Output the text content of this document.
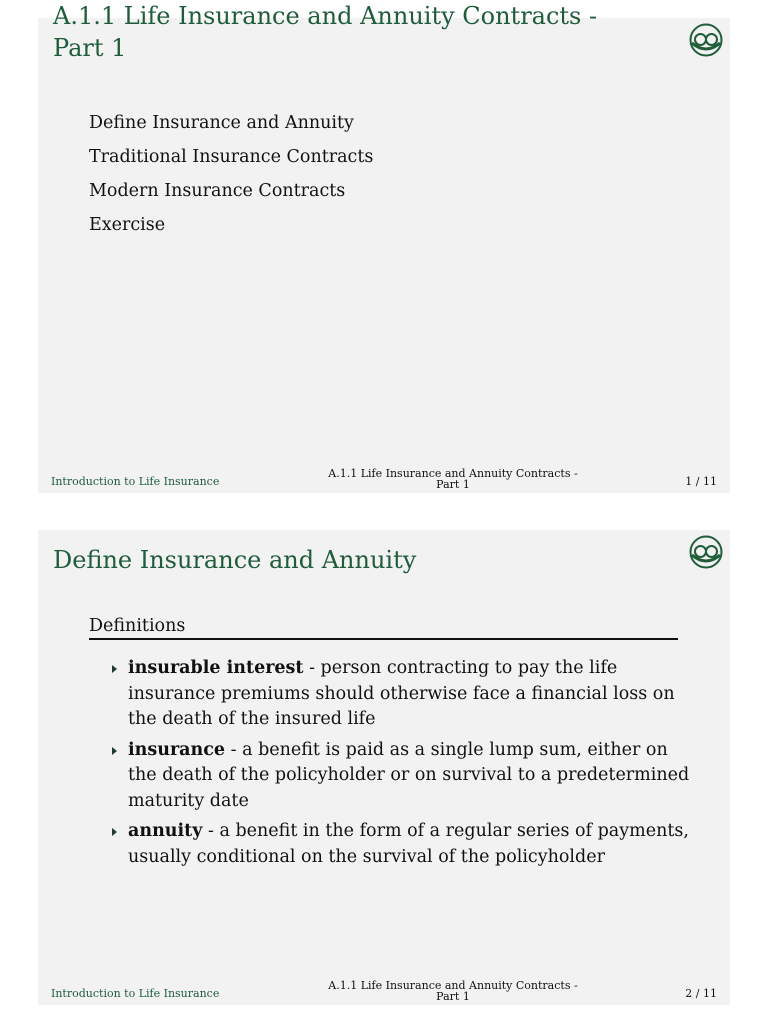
A.1.1 Life Insurance and Annuity Contracts - Part 1
Define Insurance and Annuity
Traditional Insurance Contracts
Modern Insurance Contracts
Exercise
Introduction to Life Insurance
A.1.1 Life Insurance and Annuity Contracts -
Part 1	1 / 11
Define Insurance and Annuity
Definitions
insurable interest - person contracting to pay the life insurance premiums should otherwise face a financial loss on the death of the insured life
insurance - a benefit is paid as a single lump sum, either on the death of the policyholder or on survival to a predetermined maturity date
annuity - a benefit in the form of a regular series of payments, usually conditional on the survival of the policyholder
Introduction to Life Insurance
A.1.1 Life Insurance and Annuity Contracts -
Part 1	2 / 11
